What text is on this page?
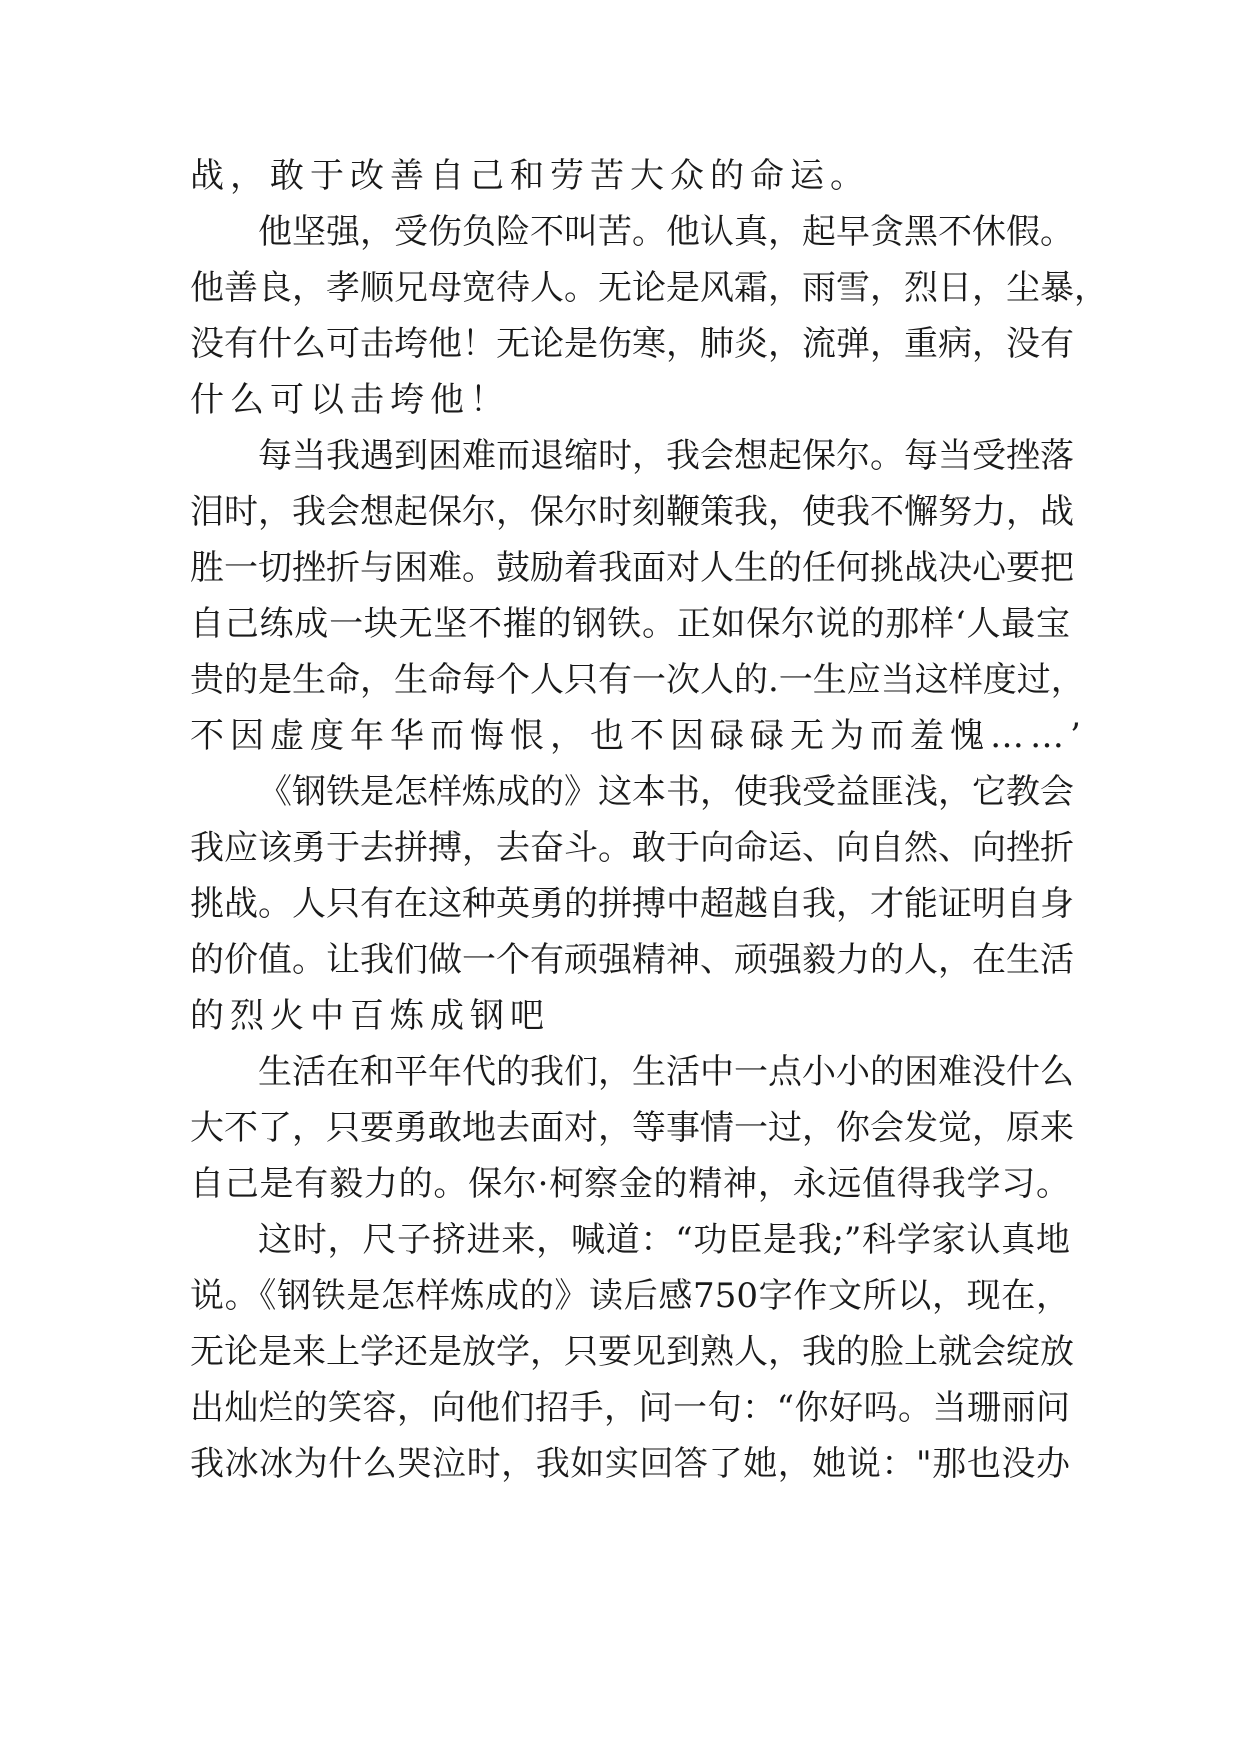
战，敢于改善自己和劳苦大众的命运。
他坚强，受伤负险不叫苦。他认真，起早贪黑不休假。
他善良，孝顺兄母宽待人。无论是风霜，雨雪，烈日，尘暴，
没有什么可击垮他！无论是伤寒，肺炎，流弹，重病，没有
什么可以击垮他！
每当我遇到困难而退缩时，我会想起保尔。每当受挫落
泪时，我会想起保尔，保尔时刻鞭策我，使我不懈努力，战
胜一切挫折与困难。鼓励着我面对人生的任何挑战决心要把
自己练成一块无坚不摧的钢铁。正如保尔说的那样‘人最宝
贵的是生命，生命每个人只有一次人的.一生应当这样度过，
不因虚度年华而悔恨，也不因碌碌无为而羞愧……’
《钢铁是怎样炼成的》这本书，使我受益匪浅，它教会
我应该勇于去拼搏，去奋斗。敢于向命运、向自然、向挫折
挑战。人只有在这种英勇的拼搏中超越自我，才能证明自身
的价值。让我们做一个有顽强精神、顽强毅力的人，在生活
的烈火中百炼成钢吧
生活在和平年代的我们，生活中一点小小的困难没什么
大不了，只要勇敢地去面对，等事情一过，你会发觉，原来
自己是有毅力的。保尔·柯察金的精神，永远值得我学习。
这时，尺子挤进来，喊道：“功臣是我;”科学家认真地
说。《钢铁是怎样炼成的》读后感750字作文所以，现在，
无论是来上学还是放学，只要见到熟人，我的脸上就会绽放
出灿烂的笑容，向他们招手，问一句：“你好吗。当珊丽问
我冰冰为什么哭泣时，我如实回答了她，她说："那也没办
